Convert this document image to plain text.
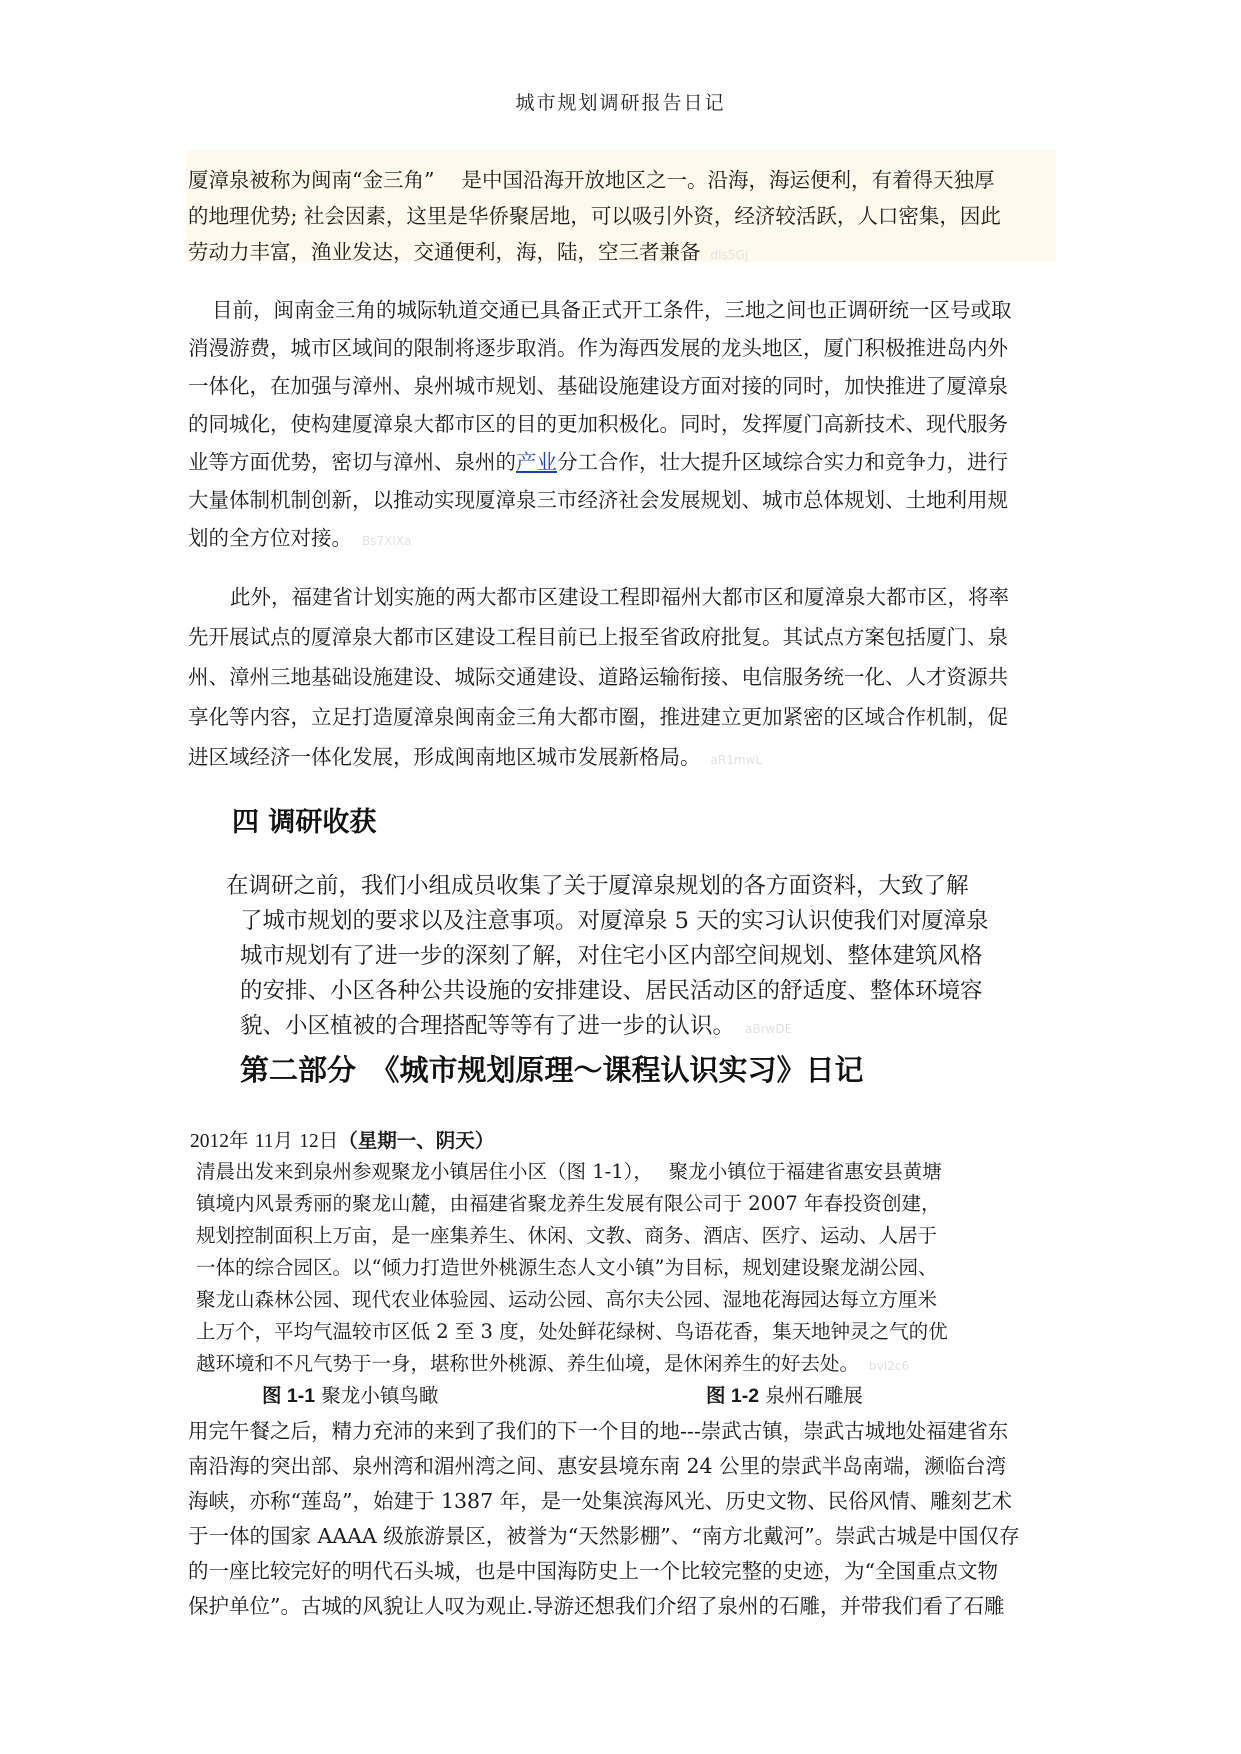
城市规划调研报告日记
厦漳泉被称为闽南“金三角”　 是中国沿海开放地区之一。沿海，海运便利，有着得天独厚
的地理优势; 社会因素，这里是华侨聚居地，可以吸引外资，经济较活跃，人口密集，因此
劳动力丰富，渔业发达，交通便利，海，陆，空三者兼备 dIs5Gj
目前，闽南金三角的城际轨道交通已具备正式开工条件，三地之间也正调研统一区号或取
消漫游费，城市区域间的限制将逐步取消。作为海西发展的龙头地区，厦门积极推进岛内外
一体化，在加强与漳州、泉州城市规划、基础设施建设方面对接的同时，加快推进了厦漳泉
的同城化，使构建厦漳泉大都市区的目的更加积极化。同时，发挥厦门高新技术、现代服务
业等方面优势，密切与漳州、泉州的产业分工合作，壮大提升区域综合实力和竞争力，进行
大量体制机制创新，以推动实现厦漳泉三市经济社会发展规划、城市总体规划、土地利用规
划的全方位对接。 Bs7XIXa
此外，福建省计划实施的两大都市区建设工程即福州大都市区和厦漳泉大都市区，将率
先开展试点的厦漳泉大都市区建设工程目前已上报至省政府批复。其试点方案包括厦门、泉
州、漳州三地基础设施建设、城际交通建设、道路运输衔接、电信服务统一化、人才资源共
享化等内容，立足打造厦漳泉闽南金三角大都市圈，推进建立更加紧密的区域合作机制，促
进区域经济一体化发展，形成闽南地区城市发展新格局。 aR1mwL
四 调研收获
在调研之前，我们小组成员收集了关于厦漳泉规划的各方面资料，大致了解
了城市规划的要求以及注意事项。对厦漳泉 5 天的实习认识使我们对厦漳泉
城市规划有了进一步的深刻了解，对住宅小区内部空间规划、整体建筑风格
的安排、小区各种公共设施的安排建设、居民活动区的舒适度、整体环境容
貌、小区植被的合理搭配等等有了进一步的认识。 aBrwDE
第二部分　《城市规划原理～课程认识实习》日记
2012年 11月 12日（星期一、阴天）
清晨出发来到泉州参观聚龙小镇居住小区（图 1-1），　 聚龙小镇位于福建省惠安县黄塘
镇境内风景秀丽的聚龙山麓，由福建省聚龙养生发展有限公司于 2007 年春投资创建，
规划控制面积上万亩，是一座集养生、休闲、文教、商务、酒店、医疗、运动、人居于
一体的综合园区。以“倾力打造世外桃源生态人文小镇”为目标，规划建设聚龙湖公园、
聚龙山森林公园、现代农业体验园、运动公园、高尔夫公园、湿地花海园达每立方厘米
上万个，平均气温较市区低 2 至 3 度，处处鲜花绿树、鸟语花香，集天地钟灵之气的优
越环境和不凡气势于一身，堪称世外桃源、养生仙境，是休闲养生的好去处。 bvI2c6
图 1-1 聚龙小镇鸟瞰	图 1-2 泉州石雕展
用完午餐之后，精力充沛的来到了我们的下一个目的地---崇武古镇，崇武古城地处福建省东
南沿海的突出部、泉州湾和湄州湾之间、惠安县境东南 24 公里的崇武半岛南端，濒临台湾
海峡，亦称“莲岛”，始建于 1387 年，是一处集滨海风光、历史文物、民俗风情、雕刻艺术
于一体的国家 AAAA 级旅游景区，被誉为“天然影棚”、“南方北戴河”。崇武古城是中国仅存
的一座比较完好的明代石头城，也是中国海防史上一个比较完整的史迹，为“全国重点文物
保护单位”。古城的风貌让人叹为观止.导游还想我们介绍了泉州的石雕，并带我们看了石雕
